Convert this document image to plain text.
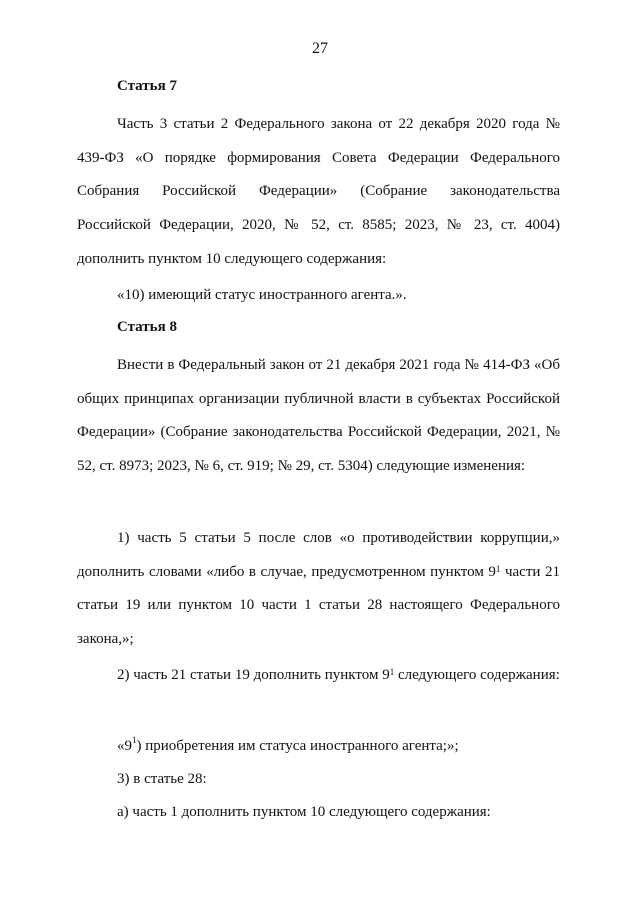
27
Статья 7
Часть 3 статьи 2 Федерального закона от 22 декабря 2020 года № 439-ФЗ «О порядке формирования Совета Федерации Федерального Собрания Российской Федерации» (Собрание законодательства Российской Федерации, 2020, № 52, ст. 8585; 2023, № 23, ст. 4004) дополнить пунктом 10 следующего содержания:
«10) имеющий статус иностранного агента.».
Статья 8
Внести в Федеральный закон от 21 декабря 2021 года № 414-ФЗ «Об общих принципах организации публичной власти в субъектах Российской Федерации» (Собрание законодательства Российской Федерации, 2021, № 52, ст. 8973; 2023, № 6, ст. 919; № 29, ст. 5304) следующие изменения:
1) часть 5 статьи 5 после слов «о противодействии коррупции,» дополнить словами «либо в случае, предусмотренном пунктом $9^1$ части 21 статьи 19 или пунктом 10 части 1 статьи 28 настоящего Федерального закона,»;
2) часть 21 статьи 19 дополнить пунктом $9^1$ следующего содержания:
«$9^1$) приобретения им статуса иностранного агента;»;
3) в статье 28:
а) часть 1 дополнить пунктом 10 следующего содержания:
